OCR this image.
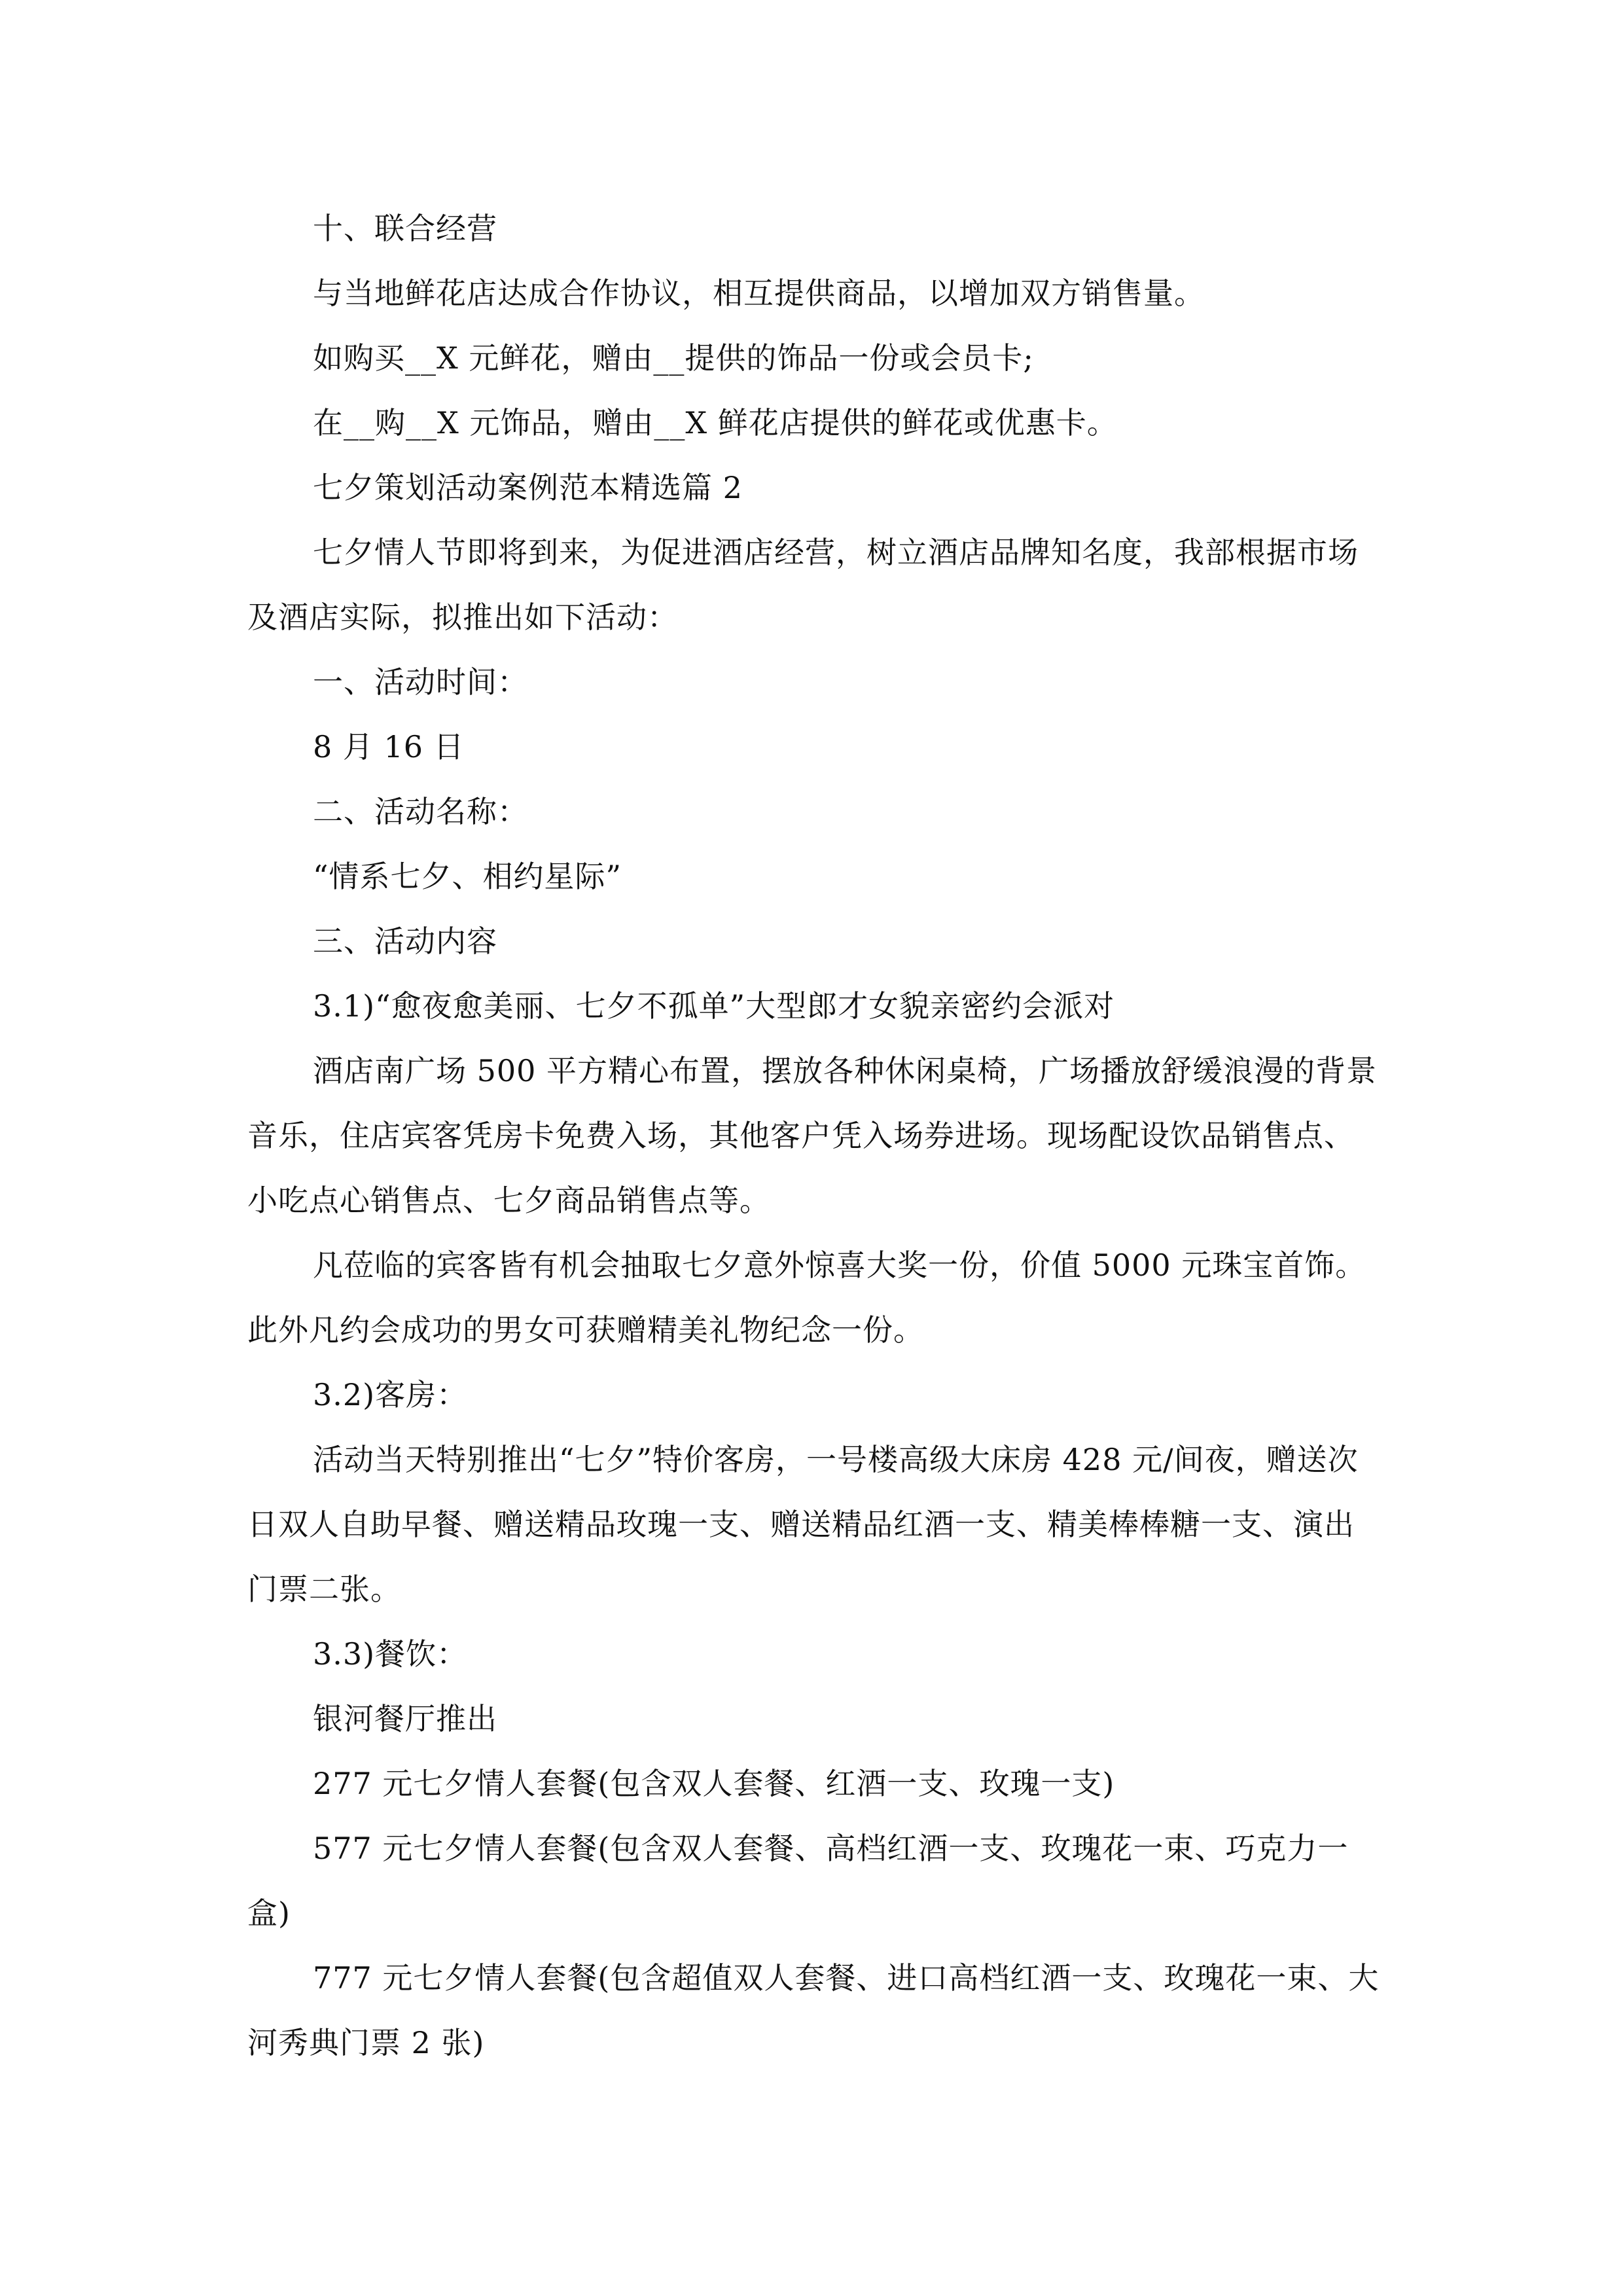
十、联合经营

与当地鲜花店达成合作协议，相互提供商品，以增加双方销售量。

如购买__X 元鲜花，赠由__提供的饰品一份或会员卡;

在__购__X 元饰品，赠由__X 鲜花店提供的鲜花或优惠卡。

七夕策划活动案例范本精选篇 2

七夕情人节即将到来，为促进酒店经营，树立酒店品牌知名度，我部根据市场及酒店实际，拟推出如下活动：

一、活动时间：

8 月 16 日

二、活动名称：

“情系七夕、相约星际”

三、活动内容

3.1)“愈夜愈美丽、七夕不孤单”大型郎才女貌亲密约会派对

酒店南广场 500 平方精心布置，摆放各种休闲桌椅，广场播放舒缓浪漫的背景音乐，住店宾客凭房卡免费入场，其他客户凭入场券进场。现场配设饮品销售点、小吃点心销售点、七夕商品销售点等。

凡莅临的宾客皆有机会抽取七夕意外惊喜大奖一份，价值 5000 元珠宝首饰。此外凡约会成功的男女可获赠精美礼物纪念一份。

3.2)客房：

活动当天特别推出“七夕”特价客房，一号楼高级大床房 428 元/间夜，赠送次日双人自助早餐、赠送精品玫瑰一支、赠送精品红酒一支、精美棒棒糖一支、演出门票二张。

3.3)餐饮：

银河餐厅推出

277 元七夕情人套餐(包含双人套餐、红酒一支、玫瑰一支)

577 元七夕情人套餐(包含双人套餐、高档红酒一支、玫瑰花一束、巧克力一盒)

777 元七夕情人套餐(包含超值双人套餐、进口高档红酒一支、玫瑰花一束、大河秀典门票 2 张)
